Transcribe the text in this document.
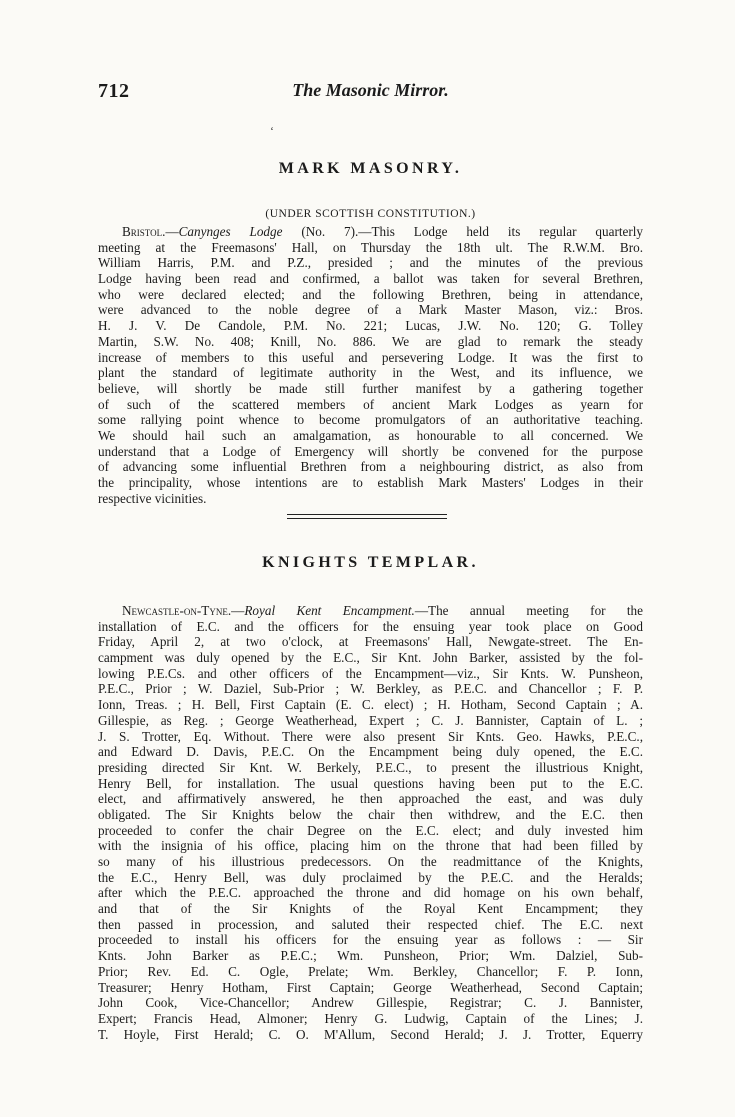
712	The Masonic Mirror.
‘
MARK MASONRY.
(UNDER SCOTTISH CONSTITUTION.)
Bristol.—Canynges Lodge (No. 7).—This Lodge held its regular quarterly
meeting at the Freemasons' Hall, on Thursday the 18th ult. The R.W.M. Bro.
William Harris, P.M. and P.Z., presided ; and the minutes of the previous
Lodge having been read and confirmed, a ballot was taken for several Brethren,
who were declared elected; and the following Brethren, being in attendance,
were advanced to the noble degree of a Mark Master Mason, viz.: Bros.
H. J. V. De Candole, P.M. No. 221; Lucas, J.W. No. 120; G. Tolley
Martin, S.W. No. 408; Knill, No. 886. We are glad to remark the steady
increase of members to this useful and persevering Lodge. It was the first to
plant the standard of legitimate authority in the West, and its influence, we
believe, will shortly be made still further manifest by a gathering together
of such of the scattered members of ancient Mark Lodges as yearn for
some rallying point whence to become promulgators of an authoritative teaching.
We should hail such an amalgamation, as honourable to all concerned. We
understand that a Lodge of Emergency will shortly be convened for the purpose
of advancing some influential Brethren from a neighbouring district, as also from
the principality, whose intentions are to establish Mark Masters' Lodges in their
respective vicinities.
KNIGHTS TEMPLAR.
Newcastle-on-Tyne.—Royal Kent Encampment.—The annual meeting for the
installation of E.C. and the officers for the ensuing year took place on Good
Friday, April 2, at two o'clock, at Freemasons' Hall, Newgate-street. The En-
campment was duly opened by the E.C., Sir Knt. John Barker, assisted by the fol-
lowing P.E.Cs. and other officers of the Encampment—viz., Sir Knts. W. Punsheon,
P.E.C., Prior ; W. Daziel, Sub-Prior ; W. Berkley, as P.E.C. and Chancellor ; F. P.
Ionn, Treas. ; H. Bell, First Captain (E. C. elect) ; H. Hotham, Second Captain ; A.
Gillespie, as Reg. ; George Weatherhead, Expert ; C. J. Bannister, Captain of L. ;
J. S. Trotter, Eq. Without. There were also present Sir Knts. Geo. Hawks, P.E.C.,
and Edward D. Davis, P.E.C. On the Encampment being duly opened, the E.C.
presiding directed Sir Knt. W. Berkely, P.E.C., to present the illustrious Knight,
Henry Bell, for installation. The usual questions having been put to the E.C.
elect, and affirmatively answered, he then approached the east, and was duly
obligated. The Sir Knights below the chair then withdrew, and the E.C. then
proceeded to confer the chair Degree on the E.C. elect; and duly invested him
with the insignia of his office, placing him on the throne that had been filled by
so many of his illustrious predecessors. On the readmittance of the Knights,
the E.C., Henry Bell, was duly proclaimed by the P.E.C. and the Heralds;
after which the P.E.C. approached the throne and did homage on his own behalf,
and that of the Sir Knights of the Royal Kent Encampment; they
then passed in procession, and saluted their respected chief. The E.C. next
proceeded to install his officers for the ensuing year as follows : — Sir
Knts. John Barker as P.E.C.; Wm. Punsheon, Prior; Wm. Dalziel, Sub-
Prior; Rev. Ed. C. Ogle, Prelate; Wm. Berkley, Chancellor; F. P. Ionn,
Treasurer; Henry Hotham, First Captain; George Weatherhead, Second Captain;
John Cook, Vice-Chancellor; Andrew Gillespie, Registrar; C. J. Bannister,
Expert; Francis Head, Almoner; Henry G. Ludwig, Captain of the Lines; J.
T. Hoyle, First Herald; C. O. M'Allum, Second Herald; J. J. Trotter, Equerry
